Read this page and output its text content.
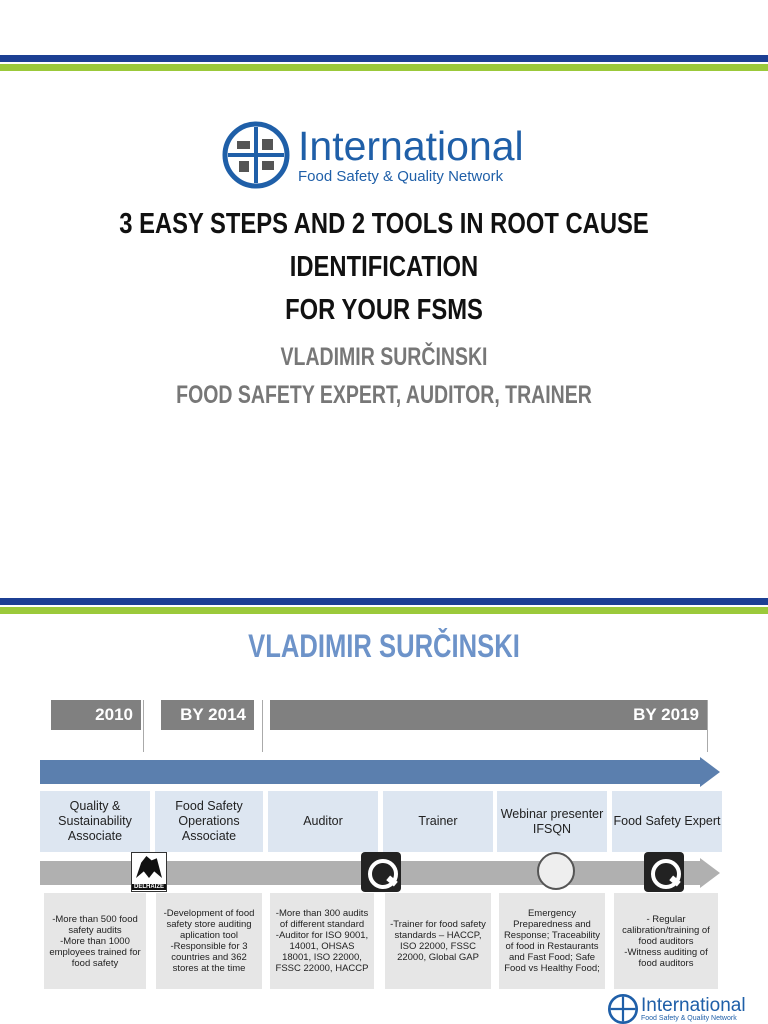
International
Food Safety & Quality Network
3 EASY STEPS AND 2 TOOLS IN ROOT CAUSE IDENTIFICATION
FOR YOUR FSMS
VLADIMIR SURČINSKI
FOOD SAFETY EXPERT, AUDITOR, TRAINER
VLADIMIR SURČINSKI
2010	BY 2014	BY 2019
Quality & Sustainability Associate
Food Safety Operations Associate
Auditor	Trainer
Webinar presenter IFSQN
Food Safety Expert
DELHAIZE
-More than 500 food safety audits
-More than 1000 employees trained for food safety
-Development of food safety store auditing aplication tool
-Responsible for 3 countries and 362 stores at the time
-More than 300 audits of different standard
-Auditor for ISO 9001, 14001, OHSAS 18001, ISO 22000, FSSC 22000, HACCP
-Trainer for food safety standards – HACCP, ISO 22000, FSSC 22000, Global GAP
Emergency Preparedness and Response; Traceability of food in Restaurants and Fast Food; Safe Food vs Healthy Food;
- Regular calibration/training of food auditors
-Witness auditing of food auditors
International
Food Safety & Quality Network
